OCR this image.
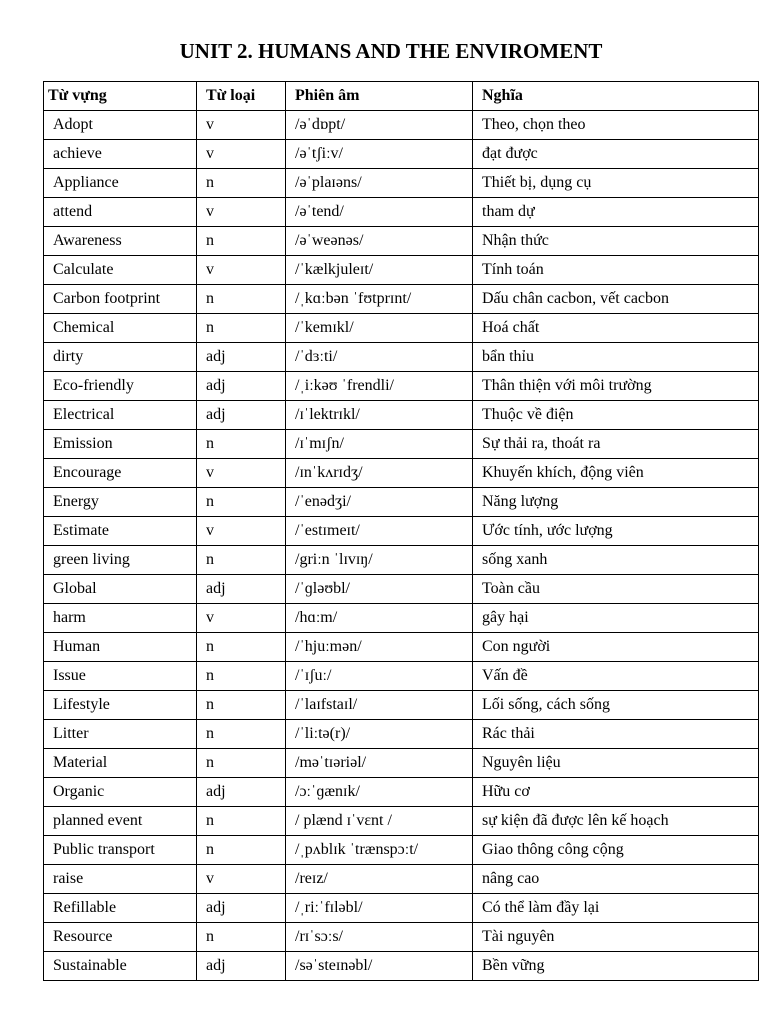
UNIT 2. HUMANS AND THE ENVIROMENT
Từ vựng	Từ loại	Phiên âm	Nghĩa
Adopt	v	/əˈdɒpt/	Theo, chọn theo
achieve	v	/əˈtʃiːv/	đạt được
Appliance	n	/əˈplaɪəns/	Thiết bị, dụng cụ
attend	v	/əˈtend/	tham dự
Awareness	n	/əˈweənəs/	Nhận thức
Calculate	v	/ˈkælkjuleɪt/	Tính toán
Carbon footprint	n	/ˌkɑːbən ˈfʊtprɪnt/	Dấu chân cacbon, vết cacbon
Chemical	n	/ˈkemɪkl/	Hoá chất
dirty	adj	/ˈdɜːti/	bẩn thỉu
Eco-friendly	adj	/ˌiːkəʊ ˈfrendli/	Thân thiện với môi trường
Electrical	adj	/ɪˈlektrɪkl/	Thuộc về điện
Emission	n	/ɪˈmɪʃn/	Sự thải ra, thoát ra
Encourage	v	/ɪnˈkʌrɪdʒ/	Khuyến khích, động viên
Energy	n	/ˈenədʒi/	Năng lượng
Estimate	v	/ˈestɪmeɪt/	Ước tính, ước lượng
green living	n	/griːn ˈlɪvɪŋ/	sống xanh
Global	adj	/ˈɡləʊbl/	Toàn cầu
harm	v	/hɑːm/	gây hại
Human	n	/ˈhjuːmən/	Con người
Issue	n	/ˈɪʃuː/	Vấn đề
Lifestyle	n	/ˈlaɪfstaɪl/	Lối sống, cách sống
Litter	n	/ˈliːtə(r)/	Rác thải
Material	n	/məˈtɪəriəl/	Nguyên liệu
Organic	adj	/ɔːˈɡænɪk/	Hữu cơ
planned event	n	/ plænd ɪˈvɛnt /	sự kiện đã được lên kế hoạch
Public transport	n	/ˌpʌblɪk ˈtrænspɔːt/	Giao thông công cộng
raise	v	/reɪz/	nâng cao
Refillable	adj	/ˌriːˈfɪləbl/	Có thể làm đầy lại
Resource	n	/rɪˈsɔːs/	Tài nguyên
Sustainable	adj	/səˈsteɪnəbl/	Bền vững
